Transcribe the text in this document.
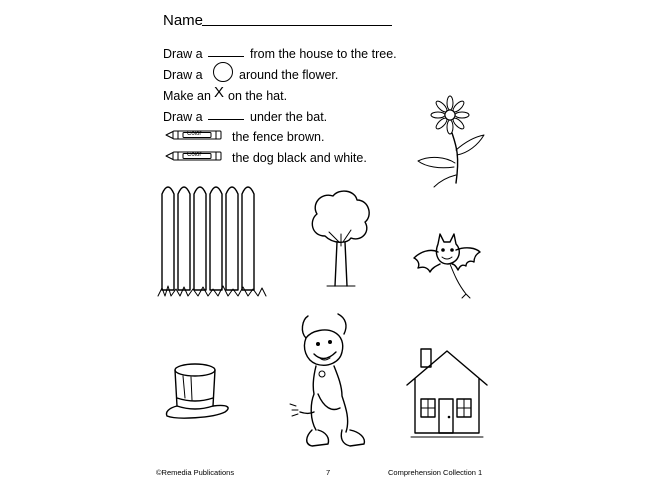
Name
Draw a	from the house to the tree.
Draw a	around the flower.
Make an X on the hat.
Draw a	under the bat.
Color the fence brown.
Color the dog black and white.
©Remedia Publications	7	Comprehension Collection 1
